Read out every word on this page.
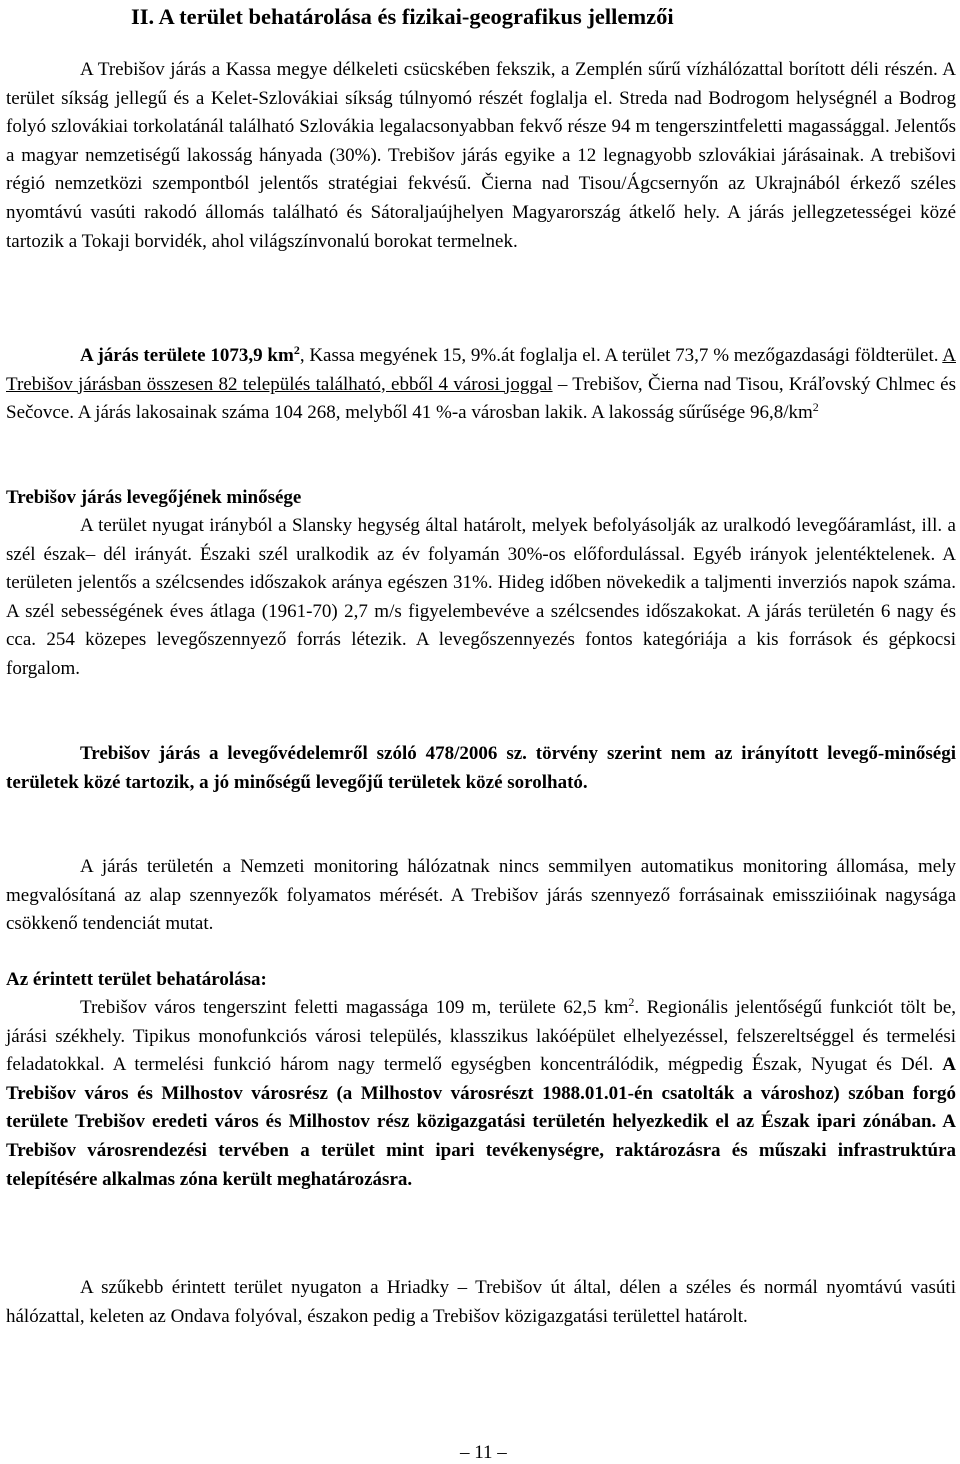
II. A terület behatárolása és fizikai-geografikus jellemzői

A Trebišov járás a Kassa megye délkeleti csücskében fekszik, a Zemplén sűrű vízhálózattal borított déli részén. A terület síkság jellegű és a Kelet-Szlovákiai síkság túlnyomó részét foglalja el. Streda nad Bodrogom helységnél a Bodrog folyó szlovákiai torkolatánál található Szlovákia legalacsonyabban fekvő része 94 m tengerszintfeletti magassággal. Jelentős a magyar nemzetiségű lakosság hányada (30%). Trebišov járás egyike a 12 legnagyobb szlovákiai járásainak. A trebišovi régió nemzetközi szempontból jelentős stratégiai fekvésű. Čierna nad Tisou/Ágcsernyőn az Ukrajnából érkező széles nyomtávú vasúti rakodó állomás található és Sátoraljaújhelyen Magyarország átkelő hely. A járás jellegzetességei közé tartozik a Tokaji borvidék, ahol világszínvonalú borokat termelnek.

A járás területe 1073,9 $km^2$, Kassa megyének 15, 9%.át foglalja el. A terület 73,7 % mezőgazdasági földterület. A Trebišov járásban összesen 82 település található, ebből 4 városi joggal – Trebišov, Čierna nad Tisou, Kráľovský Chlmec és Sečovce. A járás lakosainak száma 104 268, melyből 41 %-a városban lakik. A lakosság sűrűsége $96,8/km^2$

Trebišov járás levegőjének minősége

A terület nyugat irányból a Slansky hegység által határolt, melyek befolyásolják az uralkodó levegőáramlást, ill. a szél észak– dél irányát. Északi szél uralkodik az év folyamán 30%-os előfordulással. Egyéb irányok jelentéktelenek. A területen jelentős a szélcsendes időszakok aránya egészen 31%. Hideg időben növekedik a taljmenti inverziós napok száma. A szél sebességének éves átlaga (1961-70) 2,7 m/s figyelembevéve a szélcsendes időszakokat. A járás területén 6 nagy és cca. 254 közepes levegőszennyező forrás létezik. A levegőszennyezés fontos kategóriája a kis források és gépkocsi forgalom.

Trebišov járás a levegővédelemről szóló 478/2006 sz. törvény szerint nem az irányított levegő-minőségi területek közé tartozik, a jó minőségű levegőjű területek közé sorolható.

A járás területén a Nemzeti monitoring hálózatnak nincs semmilyen automatikus monitoring állomása, mely megvalósítaná az alap szennyezők folyamatos mérését. A Trebišov járás szennyező forrásainak emissziióinak nagysága csökkenő tendenciát mutat.

Az érintett terület behatárolása:

Trebišov város tengerszint feletti magassága 109 m, területe 62,5 $km^2$. Regionális jelentőségű funkciót tölt be, járási székhely. Tipikus monofunkciós városi település, klasszikus lakóépület elhelyezéssel, felszereltséggel és termelési feladatokkal. A termelési funkció három nagy termelő egységben koncentrálódik, mégpedig Észak, Nyugat és Dél. A Trebišov város és Milhostov városrész (a Milhostov városrészt 1988.01.01-én csatolták a városhoz) szóban forgó területe Trebišov eredeti város és Milhostov rész közigazgatási területén helyezkedik el az Észak ipari zónában. A Trebišov városrendezési tervében a terület mint ipari tevékenységre, raktározásra és műszaki infrastruktúra telepítésére alkalmas zóna került meghatározásra.

A szűkebb érintett terület nyugaton a Hriadky – Trebišov út által, délen a széles és normál nyomtávú vasúti hálózattal, keleten az Ondava folyóval, északon pedig a Trebišov közigazgatási területtel határolt.

– 11 –
